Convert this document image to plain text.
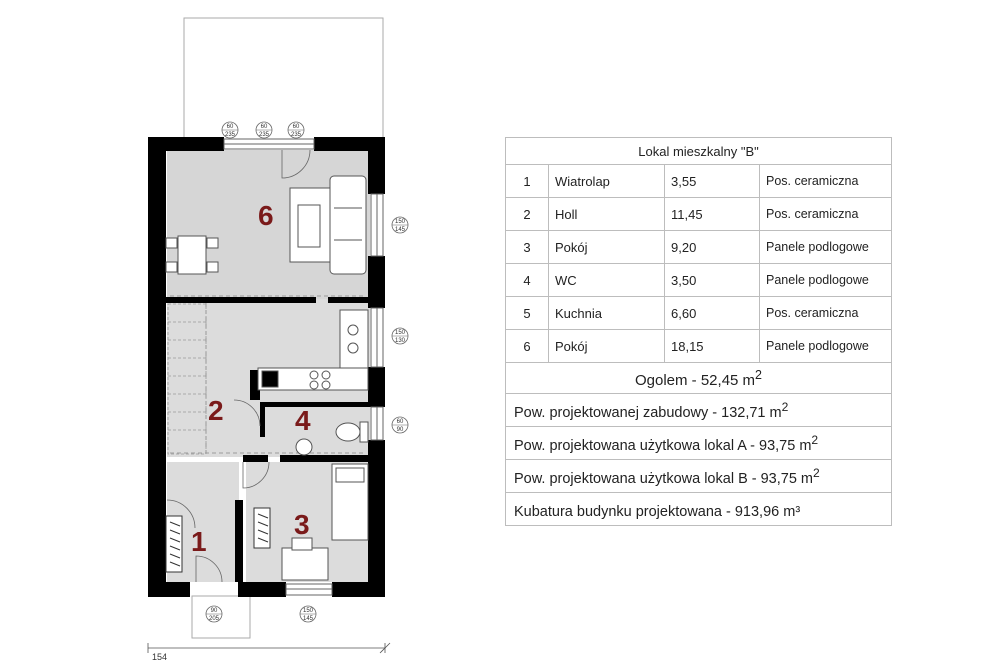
6
2	4
1
3
60
235
60
235
60
235
150
145
150
130
60
90
90
205
150
145
154
Lokal mieszkalny "B"			
1	Wiatrolap	3,55	Pos. ceramiczna
2	Holl	11,45	Pos. ceramiczna
3	Pokój	9,20	Panele podlogowe
4	WC	3,50	Panele podlogowe
5	Kuchnia	6,60	Pos. ceramiczna
6	Pokój	18,15	Panele podlogowe
Ogolem - 52,45 $m^2$
Pow. projektowanej zabudowy - 132,71 $m^2$
Pow. projektowana użytkowa lokal A - 93,75 $m^2$
Pow. projektowana użytkowa lokal B - 93,75 $m^2$
Kubatura budynku projektowana - 913,96 m³			
